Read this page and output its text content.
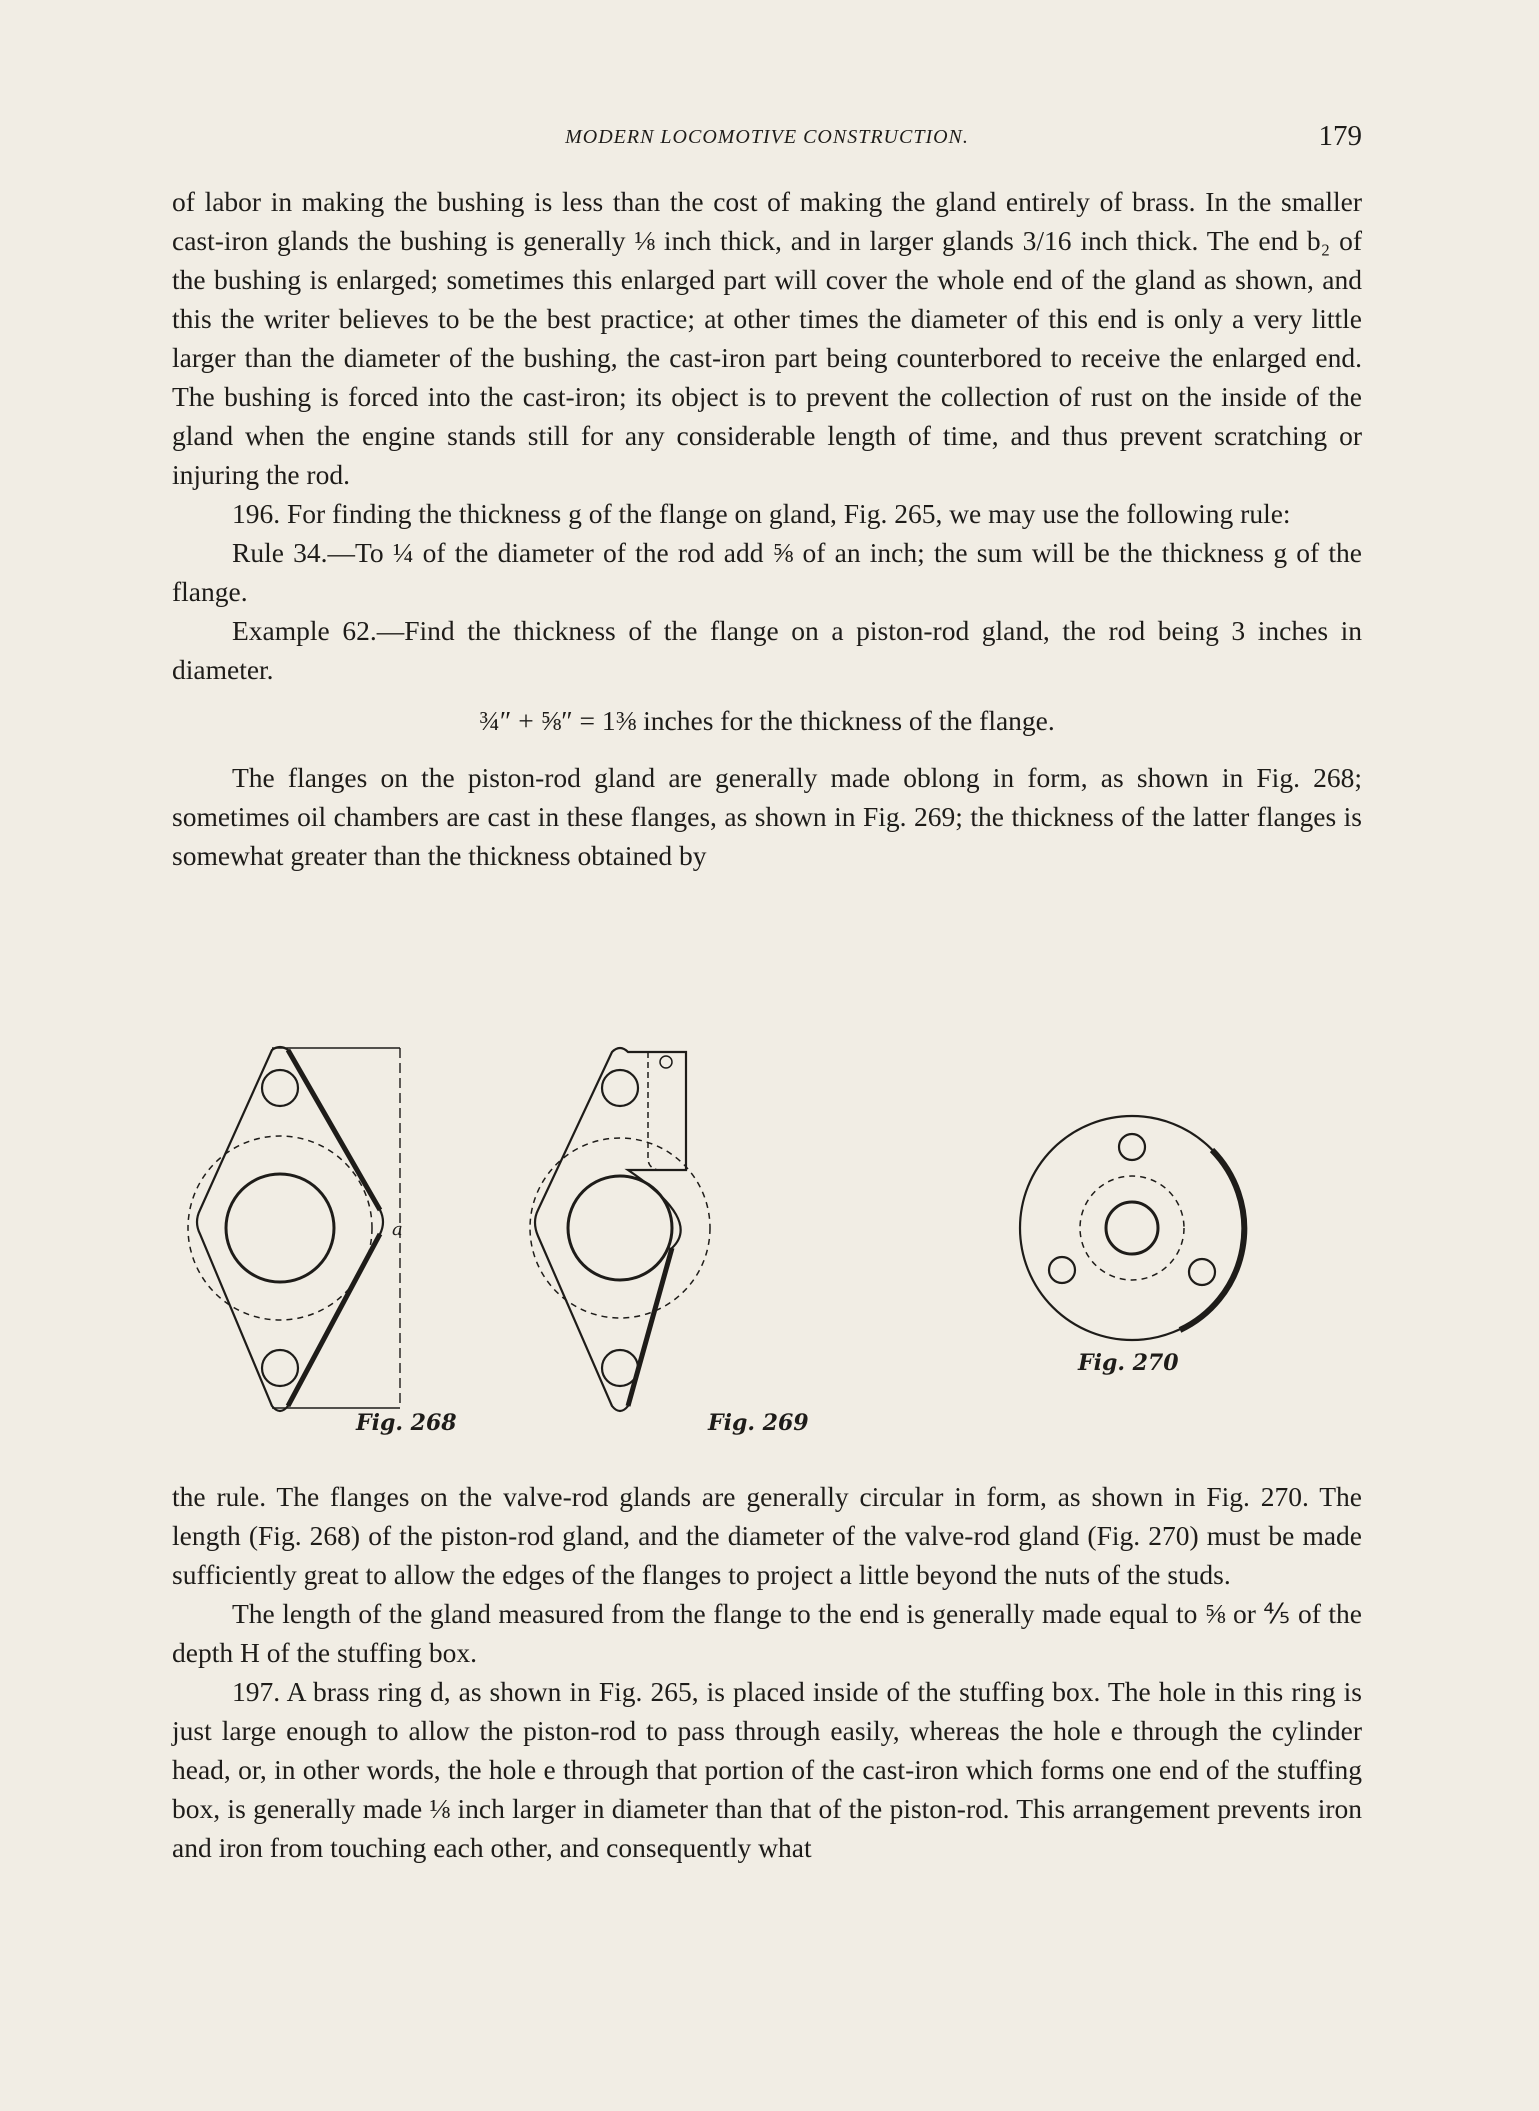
MODERN LOCOMOTIVE CONSTRUCTION.	179

of labor in making the bushing is less than the cost of making the gland entirely of brass. In the smaller cast-iron glands the bushing is generally ⅛ inch thick, and in larger glands 3/16 inch thick. The end b₂ of the bushing is enlarged; sometimes this enlarged part will cover the whole end of the gland as shown, and this the writer believes to be the best practice; at other times the diameter of this end is only a very little larger than the diameter of the bushing, the cast-iron part being counterbored to receive the enlarged end. The bushing is forced into the cast-iron; its object is to prevent the collection of rust on the inside of the gland when the engine stands still for any considerable length of time, and thus prevent scratching or injuring the rod.

196. For finding the thickness g of the flange on gland, Fig. 265, we may use the following rule:

Rule 34.—To ¼ of the diameter of the rod add ⅝ of an inch; the sum will be the thickness g of the flange.

Example 62.—Find the thickness of the flange on a piston-rod gland, the rod being 3 inches in diameter.

¾″ + ⅝″ = 1⅜ inches for the thickness of the flange.

The flanges on the piston-rod gland are generally made oblong in form, as shown in Fig. 268; sometimes oil chambers are cast in these flanges, as shown in Fig. 269; the thickness of the latter flanges is somewhat greater than the thickness obtained by

a
Fig. 268	Fig. 269
Fig. 270

the rule. The flanges on the valve-rod glands are generally circular in form, as shown in Fig. 270. The length (Fig. 268) of the piston-rod gland, and the diameter of the valve-rod gland (Fig. 270) must be made sufficiently great to allow the edges of the flanges to project a little beyond the nuts of the studs.

The length of the gland measured from the flange to the end is generally made equal to ⅝ or ⅘ of the depth H of the stuffing box.

197. A brass ring d, as shown in Fig. 265, is placed inside of the stuffing box. The hole in this ring is just large enough to allow the piston-rod to pass through easily, whereas the hole e through the cylinder head, or, in other words, the hole e through that portion of the cast-iron which forms one end of the stuffing box, is generally made ⅛ inch larger in diameter than that of the piston-rod. This arrangement prevents iron and iron from touching each other, and consequently what
